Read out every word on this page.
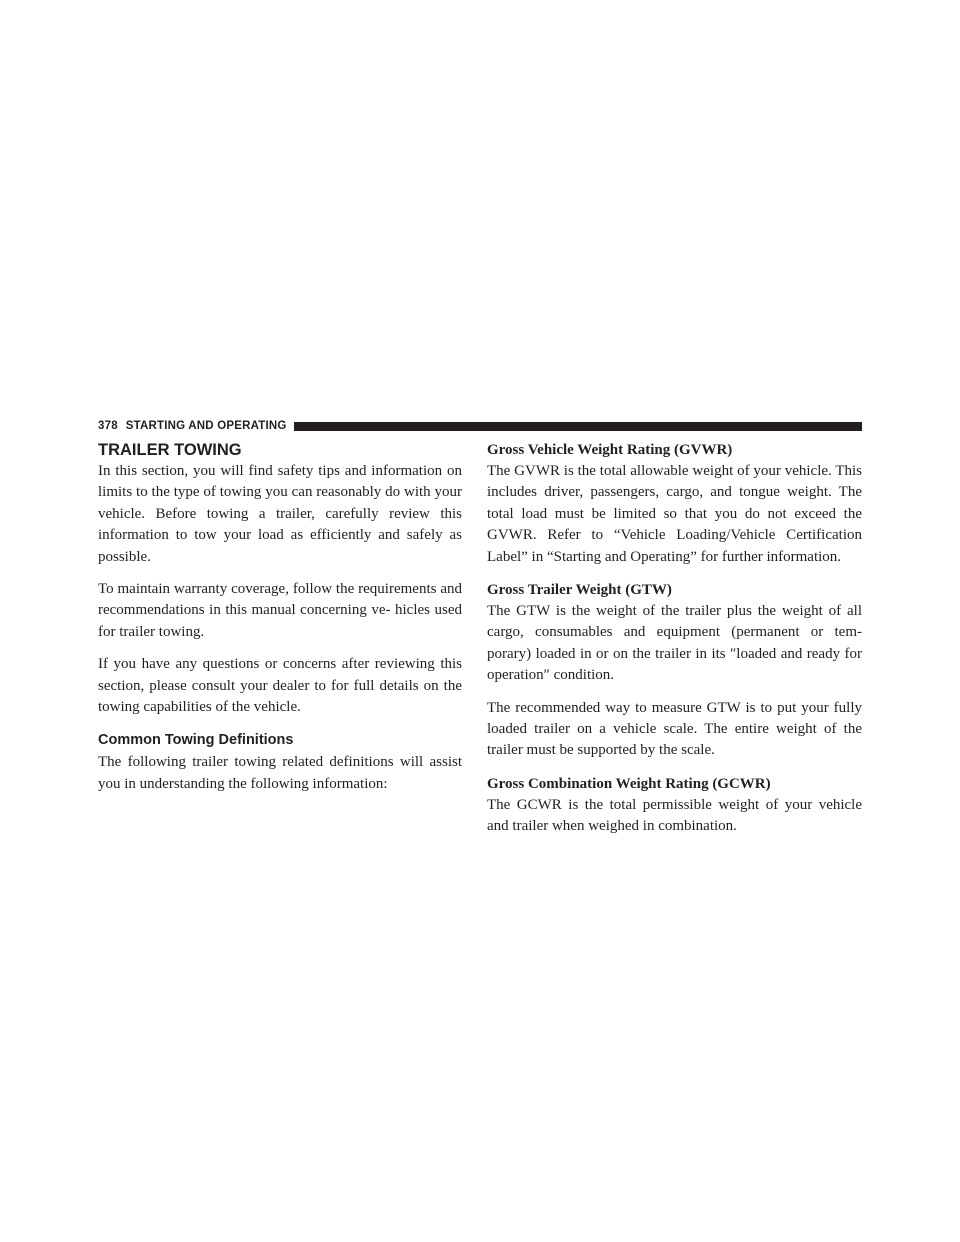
378 STARTING AND OPERATING
TRAILER TOWING

In this section, you will find safety tips and information on limits to the type of towing you can reasonably do with your vehicle. Before towing a trailer, carefully review this information to tow your load as efficiently and safely as possible.

To maintain warranty coverage, follow the requirements and recommendations in this manual concerning ve- hicles used for trailer towing.

If you have any questions or concerns after reviewing this section, please consult your dealer to for full details on the towing capabilities of the vehicle.

Common Towing Definitions

The following trailer towing related definitions will assist you in understanding the following information:

Gross Vehicle Weight Rating (GVWR)

The GVWR is the total allowable weight of your vehicle. This includes driver, passengers, cargo, and tongue weight. The total load must be limited so that you do not exceed the GVWR. Refer to “Vehicle Loading/Vehicle Certification Label” in “Starting and Operating” for further information.

Gross Trailer Weight (GTW)

The GTW is the weight of the trailer plus the weight of all cargo, consumables and equipment (permanent or tem- porary) loaded in or on the trailer in its ″loaded and ready for operation″ condition.

The recommended way to measure GTW is to put your fully loaded trailer on a vehicle scale. The entire weight of the trailer must be supported by the scale.

Gross Combination Weight Rating (GCWR)

The GCWR is the total permissible weight of your vehicle and trailer when weighed in combination.
